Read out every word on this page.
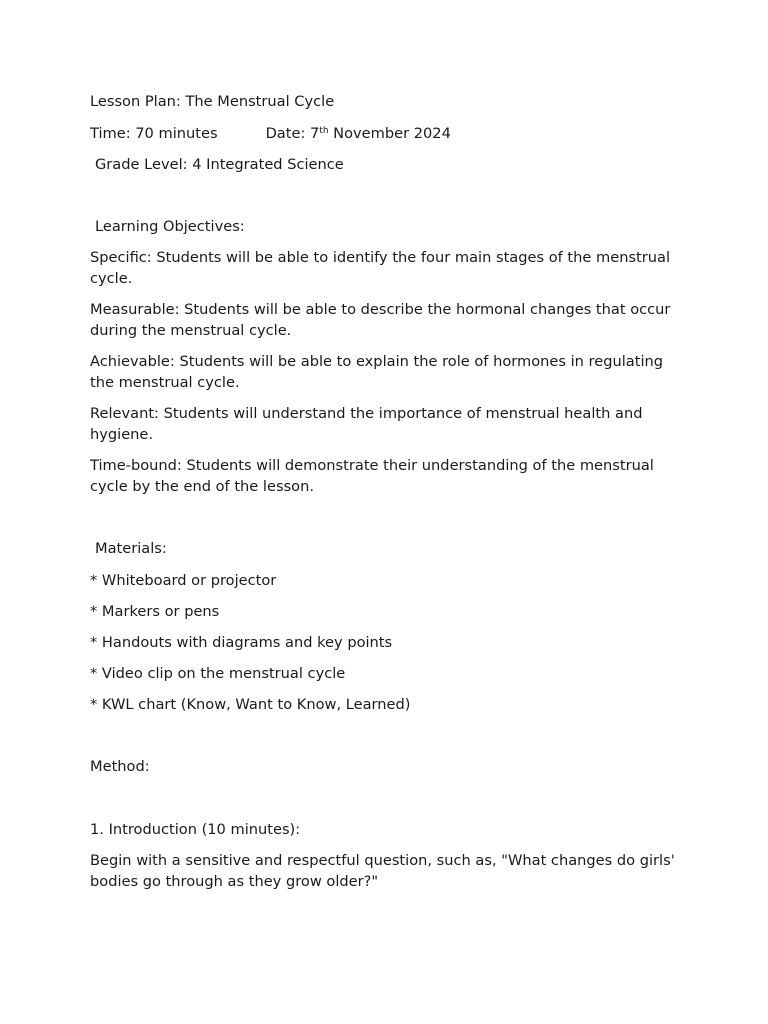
Lesson Plan: The Menstrual Cycle

Time: 70 minutes	Date: 7th November 2024

Grade Level: 4 Integrated Science

Learning Objectives:

Specific: Students will be able to identify the four main stages of the menstrual cycle.

Measurable: Students will be able to describe the hormonal changes that occur during the menstrual cycle.

Achievable: Students will be able to explain the role of hormones in regulating the menstrual cycle.

Relevant: Students will understand the importance of menstrual health and hygiene.

Time-bound: Students will demonstrate their understanding of the menstrual cycle by the end of the lesson.

Materials:

* Whiteboard or projector

* Markers or pens

* Handouts with diagrams and key points

* Video clip on the menstrual cycle

* KWL chart (Know, Want to Know, Learned)

Method:

1. Introduction (10 minutes):

Begin with a sensitive and respectful question, such as, "What changes do girls' bodies go through as they grow older?"
